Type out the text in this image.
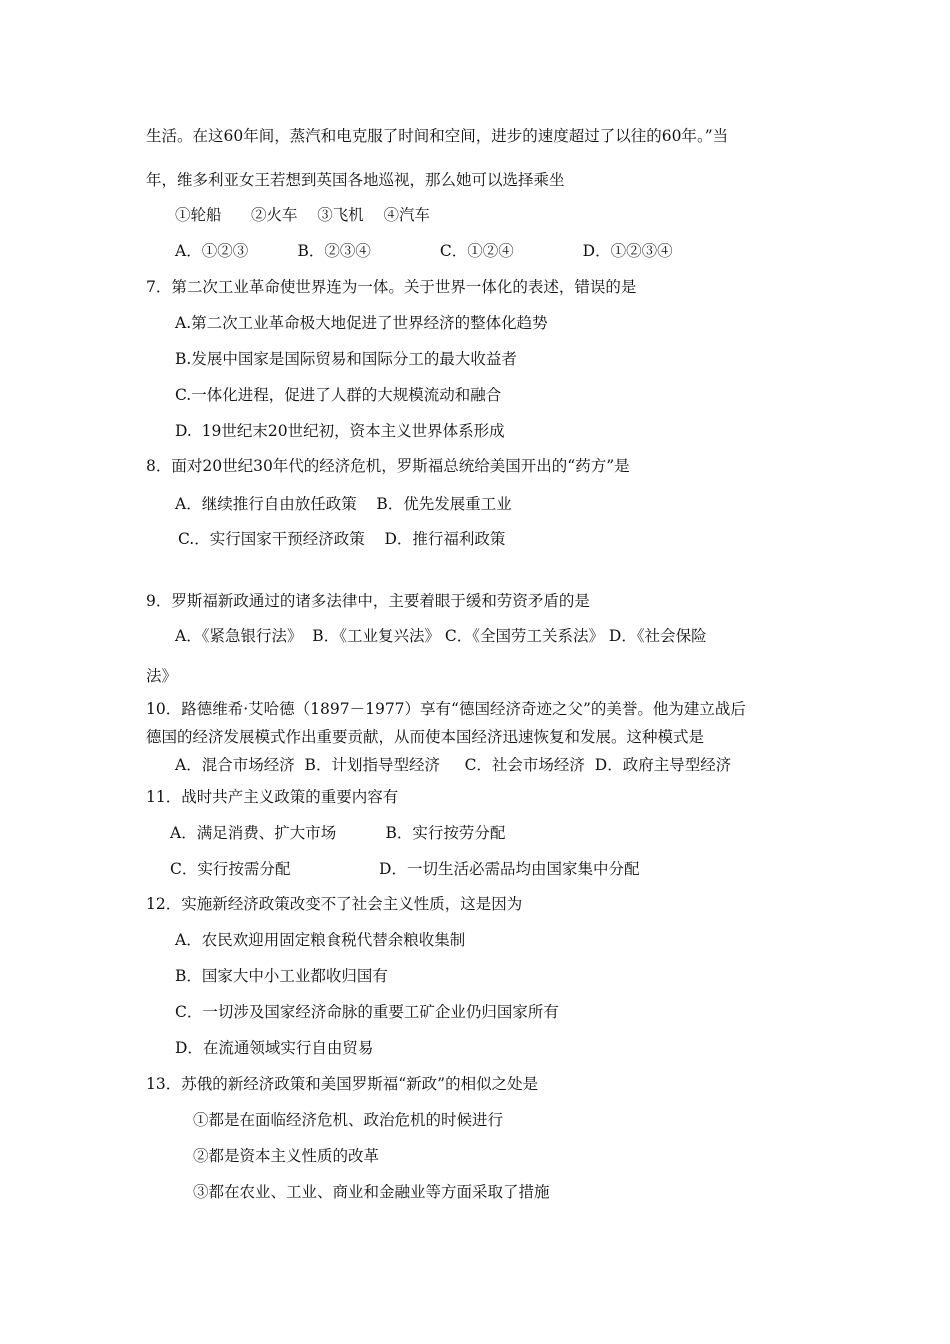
生活。在这60年间，蒸汽和电克服了时间和空间，进步的速度超过了以往的60年。”当
年，维多利亚女王若想到英国各地巡视，那么她可以选择乘坐
①轮船      ②火车    ③飞机    ④汽车
A．①②③          B．②③④              C．①②④              D．①②③④
7．第二次工业革命使世界连为一体。关于世界一体化的表述，错误的是
A.第二次工业革命极大地促进了世界经济的整体化趋势
B.发展中国家是国际贸易和国际分工的最大收益者
C.一体化进程，促进了人群的大规模流动和融合
D.  19世纪末20世纪初，资本主义世界体系形成
8．面对20世纪30年代的经济危机，罗斯福总统给美国开出的“药方”是
A．继续推行自由放任政策    B．优先发展重工业
C.．实行国家干预经济政策    D．推行福利政策
9．罗斯福新政通过的诸多法律中，主要着眼于缓和劳资矛盾的是
A．《紧急银行法》  B．《工业复兴法》 C．《全国劳工关系法》 D．《社会保险
法》
10．路德维希·艾哈德（1897－1977）享有“德国经济奇迹之父”的美誉。他为建立战后
德国的经济发展模式作出重要贡献，从而使本国经济迅速恢复和发展。这种模式是
A．混合市场经济  B．计划指导型经济     C．社会市场经济  D．政府主导型经济
11．战时共产主义政策的重要内容有
A．满足消费、扩大市场          B．实行按劳分配
C．实行按需分配                  D．一切生活必需品均由国家集中分配
12．实施新经济政策改变不了社会主义性质，这是因为
A．农民欢迎用固定粮食税代替余粮收集制
B．国家大中小工业都收归国有
C．一切涉及国家经济命脉的重要工矿企业仍归国家所有
D．在流通领域实行自由贸易
13．苏俄的新经济政策和美国罗斯福“新政”的相似之处是
①都是在面临经济危机、政治危机的时候进行
②都是资本主义性质的改革
③都在农业、工业、商业和金融业等方面采取了措施
